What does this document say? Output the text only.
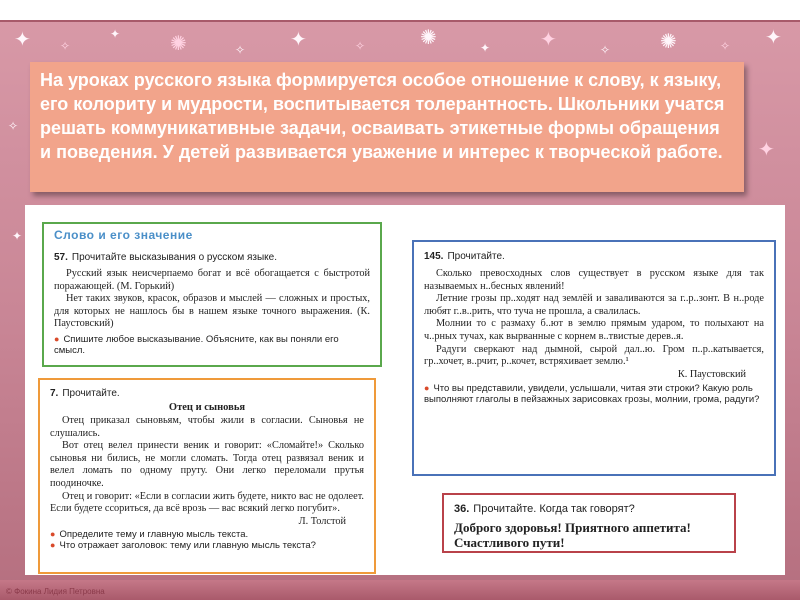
✦ ✧
✦ ✺	✧ ✦	✧	✺	✦ ✦	✧ ✺	✧ ✦
✧
✦
✦

На уроках русского языка формируется особое отношение к слову, к языку, его колориту и мудрости, воспитывается толерантность. Школьники учатся решать коммуникативные задачи, осваивать этикетные формы обращения и поведения. У детей развивается уважение и интерес к творческой работе.

Слово и его значение
57. Прочитайте высказывания о русском языке.

Русский язык неисчерпаемо богат и всё обогащается с быстротой поражающей. (М. Горький)

Нет таких звуков, красок, образов и мыслей — сложных и простых, для которых не нашлось бы в нашем языке точного выражения. (К. Паустовский)

● Спишите любое высказывание. Объясните, как вы поняли его смысл.

145. Прочитайте.

Сколько превосходных слов существует в русском языке для так называемых н..бесных явлений!

Летние грозы пр..ходят над землёй и заваливаются за г..р..зонт. В н..роде любят г..в..рить, что туча не прошла, а свалилась.

Молнии то с размаху б..ют в землю прямым ударом, то полыхают на ч..рных тучах, как вырванные с корнем в..твистые дерев..я.

Радуги сверкают над дымной, сырой дал..ю. Гром п..р..катывается, гр..хочет, в..рчит, р..кочет, встряхивает землю.¹

К. Паустовский

● Что вы представили, увидели, услышали, читая эти строки? Какую роль выполняют глаголы в пейзажных зарисовках грозы, молнии, грома, радуги?

7. Прочитайте.
Отец и сыновья

Отец приказал сыновьям, чтобы жили в согласии. Сыновья не слушались.

Вот отец велел принести веник и говорит: «Сломайте!» Сколько сыновья ни бились, не могли сломать. Тогда отец развязал веник и велел ломать по одному пруту. Они легко переломали прутья поодиночке.

Отец и говорит: «Если в согласии жить будете, никто вас не одолеет. Если будете ссориться, да всё врозь — вас всякий легко погубит».

Л. Толстой

● Определите тему и главную мысль текста.

● Что отражает заголовок: тему или главную мысль текста?

36. Прочитайте. Когда так говорят?

Доброго здоровья! Приятного аппетита!

Счастливого пути!

© Фокина Лидия Петровна
